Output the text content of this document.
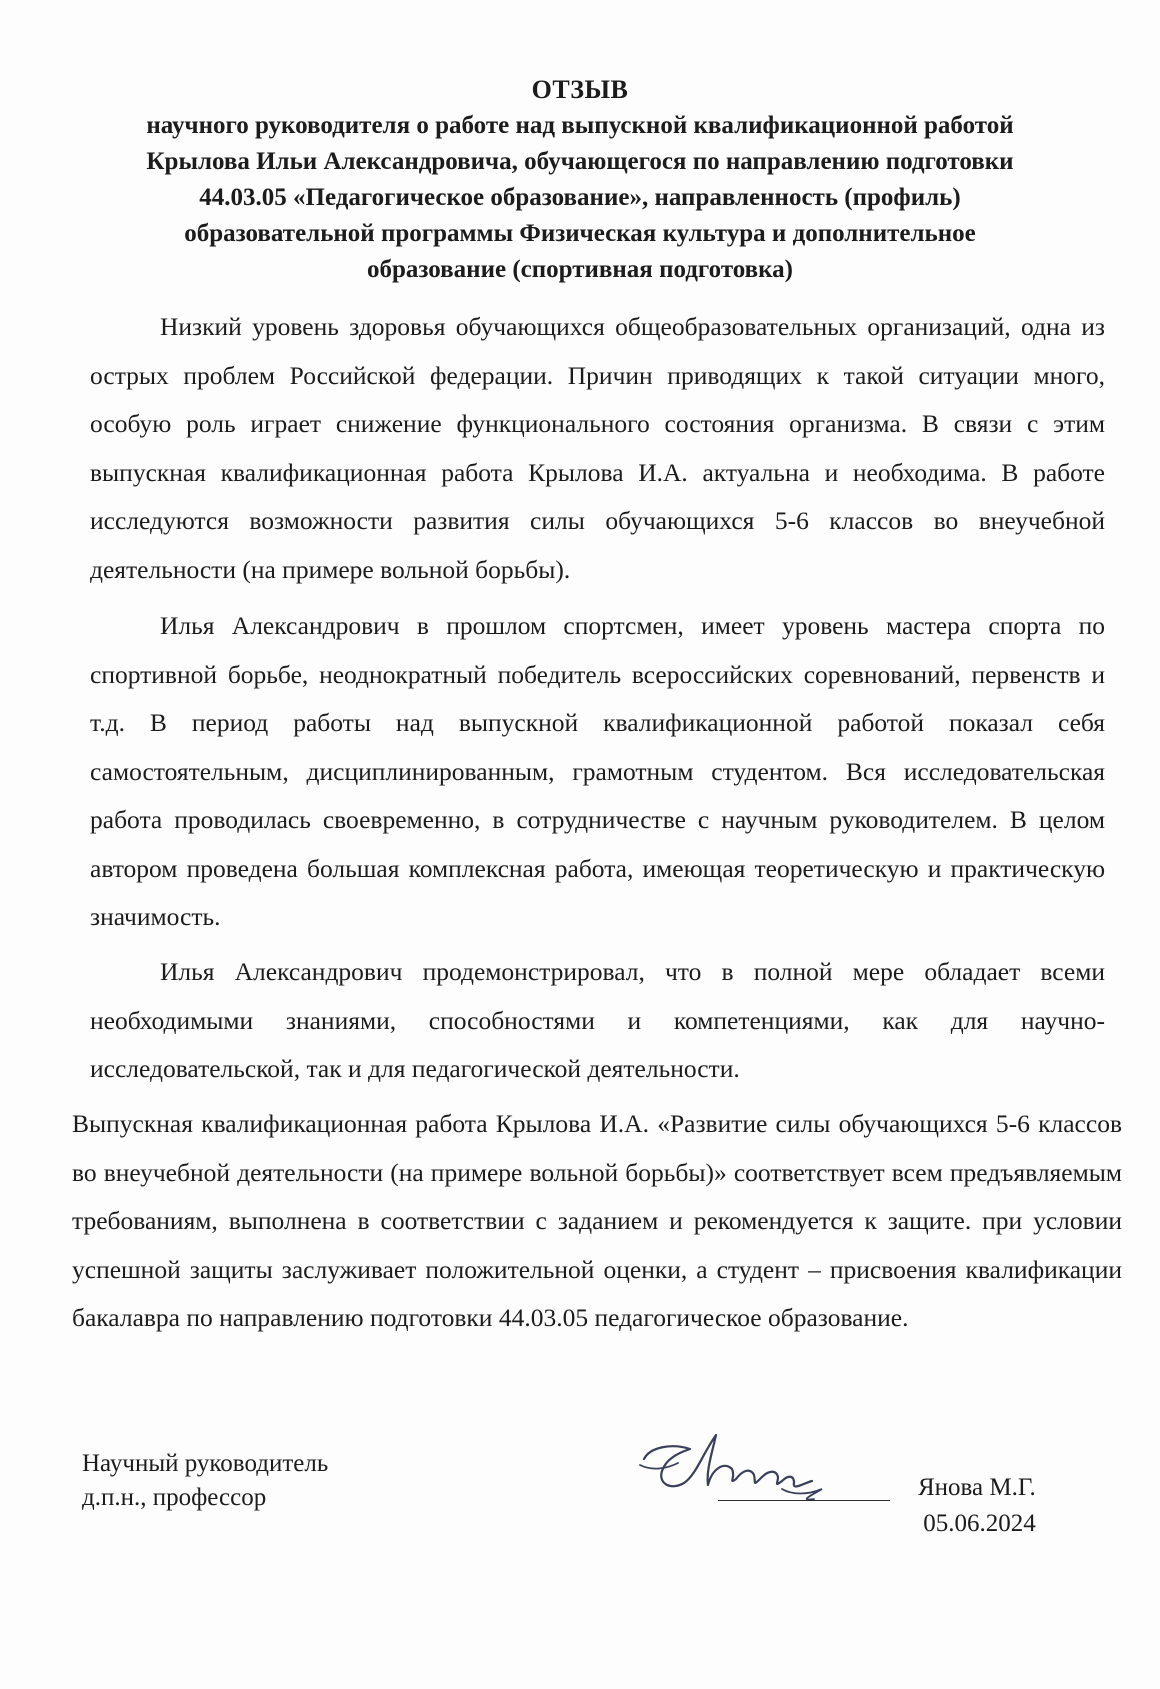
ОТЗЫВ
научного руководителя о работе над выпускной квалификационной работой
Крылова Ильи Александровича, обучающегося по направлению подготовки
44.03.05 «Педагогическое образование», направленность (профиль)
образовательной программы Физическая культура и дополнительное
образование (спортивная подготовка)

Низкий уровень здоровья обучающихся общеобразовательных организаций, одна из острых проблем Российской федерации. Причин приводящих к такой ситуации много, особую роль играет снижение функционального состояния организма. В связи с этим выпускная квалификационная работа Крылова И.А. актуальна и необходима. В работе исследуются возможности развития силы обучающихся 5-6 классов во внеучебной деятельности (на примере вольной борьбы).

Илья Александрович в прошлом спортсмен, имеет уровень мастера спорта по спортивной борьбе, неоднократный победитель всероссийских соревнований, первенств и т.д. В период работы над выпускной квалификационной работой показал себя самостоятельным, дисциплинированным, грамотным студентом. Вся исследовательская работа проводилась своевременно, в сотрудничестве с научным руководителем. В целом автором проведена большая комплексная работа, имеющая теоретическую и практическую значимость.

Илья Александрович продемонстрировал, что в полной мере обладает всеми необходимыми знаниями, способностями и компетенциями, как для научно-исследовательской, так и для педагогической деятельности.

Выпускная квалификационная работа Крылова И.А. «Развитие силы обучающихся 5-6 классов во внеучебной деятельности (на примере вольной борьбы)» соответствует всем предъявляемым требованиям, выполнена в соответствии с заданием и рекомендуется к защите. при условии успешной защиты заслуживает положительной оценки, а студент – присвоения квалификации бакалавра по направлению подготовки 44.03.05 педагогическое образование.

Научный руководитель
д.п.н., профессор	Янова М.Г.
05.06.2024
